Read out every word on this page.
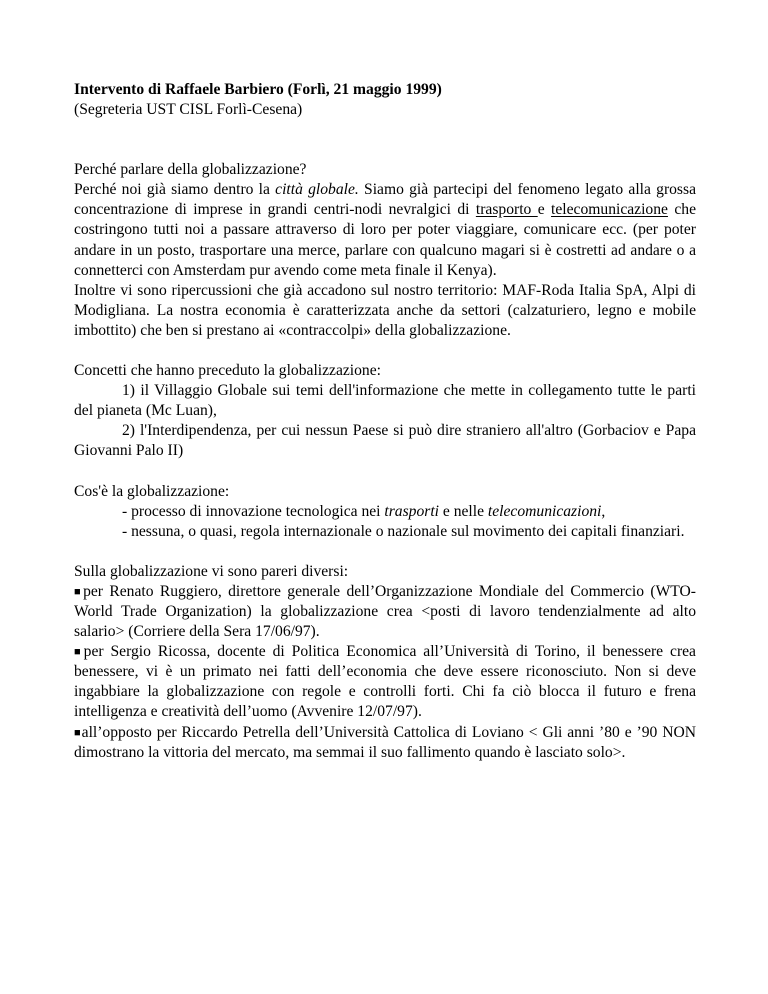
Intervento di Raffaele Barbiero (Forlì, 21 maggio 1999)

(Segreteria UST CISL Forlì-Cesena)

Perché parlare della globalizzazione?

Perché noi già siamo dentro la città globale. Siamo già partecipi del fenomeno legato alla grossa concentrazione di imprese in grandi centri-nodi nevralgici di trasporto e telecomunicazione che costringono tutti noi a passare attraverso di loro per poter viaggiare, comunicare ecc. (per poter andare in un posto, trasportare una merce, parlare con qualcuno magari si è costretti ad andare o a connetterci con Amsterdam pur avendo come meta finale il Kenya).

Inoltre vi sono ripercussioni che già accadono sul nostro territorio: MAF-Roda Italia SpA, Alpi di Modigliana. La nostra economia è caratterizzata anche da settori (calzaturiero, legno e mobile imbottito) che ben si prestano ai «contraccolpi» della globalizzazione.

Concetti che hanno preceduto la globalizzazione:

1) il Villaggio Globale sui temi dell'informazione che mette in collegamento tutte le parti del pianeta (Mc Luan),

2) l'Interdipendenza, per cui nessun Paese si può dire straniero all'altro (Gorbaciov e Papa Giovanni Palo II)

Cos'è la globalizzazione:

- processo di innovazione tecnologica nei trasporti e nelle telecomunicazioni,

- nessuna, o quasi, regola internazionale o nazionale sul movimento dei capitali finanziari.

Sulla globalizzazione vi sono pareri diversi:

■per Renato Ruggiero, direttore generale dell’Organizzazione Mondiale del Commercio (WTO-World Trade Organization) la globalizzazione crea <posti di lavoro tendenzialmente ad alto salario> (Corriere della Sera 17/06/97).

■per Sergio Ricossa, docente di Politica Economica all’Università di Torino, il benessere crea benessere, vi è un primato nei fatti dell’economia che deve essere riconosciuto. Non si deve ingabbiare la globalizzazione con regole e controlli forti. Chi fa ciò blocca il futuro e frena intelligenza e creatività dell’uomo (Avvenire 12/07/97).

■all’opposto per Riccardo Petrella dell’Università Cattolica di Loviano < Gli anni ’80 e ’90 NON dimostrano la vittoria del mercato, ma semmai il suo fallimento quando è lasciato solo>.
